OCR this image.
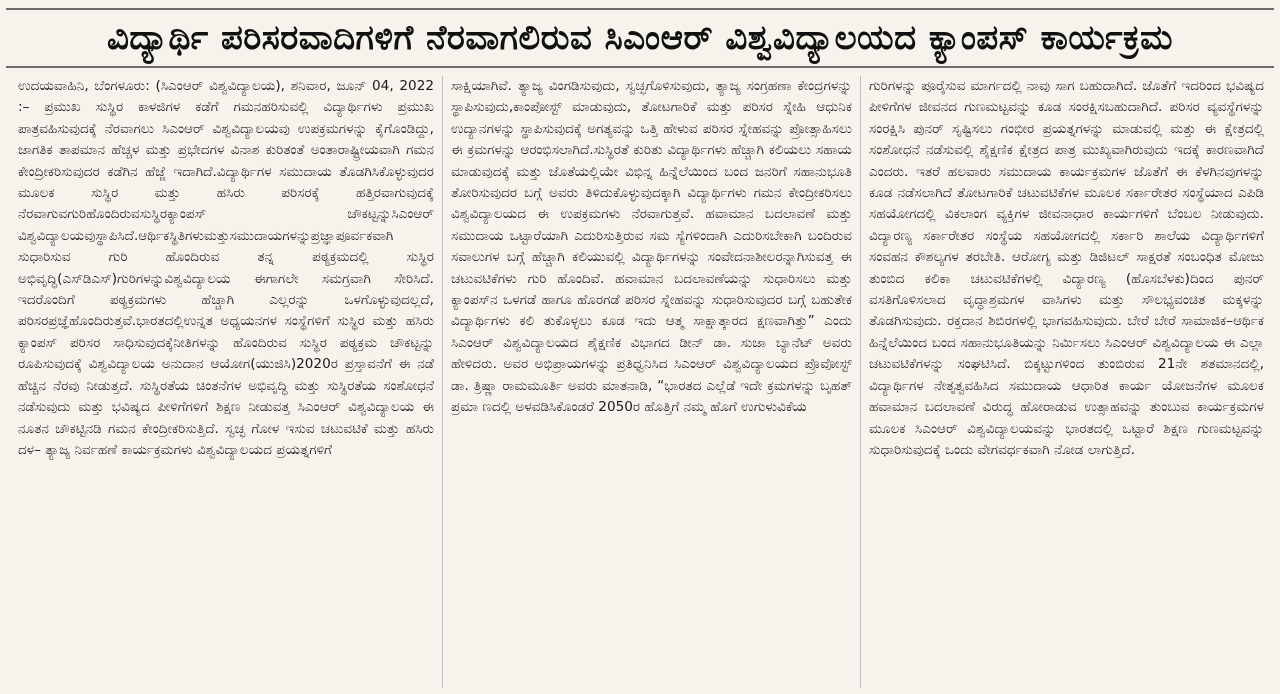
ವಿದ್ಯಾರ್ಥಿ ಪರಿಸರವಾದಿಗಳಿಗೆ ನೆರವಾಗಲಿರುವ ಸಿಎಂಆರ್ ವಿಶ್ವವಿದ್ಯಾಲಯದ ಕ್ಯಾಂಪಸ್ ಕಾರ್ಯಕ್ರಮ

ಉದಯವಾಹಿನಿ, ಬೆಂಗಳೂರು: (ಸಿಎಂಆರ್ ವಿಶ್ವವಿದ್ಯಾಲಯ), ಶನಿವಾರ, ಜೂನ್ 04, 2022 :– ಪ್ರಮುಖ ಸುಸ್ಥಿರ ಕಾಳಜಿಗಳ ಕಡೆಗೆ ಗಮನಹರಿಸುವಲ್ಲಿ ವಿದ್ಯಾರ್ಥಿಗಳು ಪ್ರಮುಖ ಪಾತ್ರವಹಿಸುವುದಕ್ಕೆ ನೆರವಾಗಲು ಸಿಎಂಆರ್ ವಿಶ್ವವಿದ್ಯಾಲಯವು ಉಪಕ್ರಮಗಳನ್ನು ಕೈಗೊಂಡಿದ್ದು, ಜಾಗತಿಕ ತಾಪಮಾನ ಹೆಚ್ಚಳ ಮತ್ತು ಪ್ರಭೇದಗಳ ವಿನಾಶ ಕುರಿತಂತೆ ಅಂತಾರಾಷ್ಟ್ರೀಯವಾಗಿ ಗಮನ ಕೇಂದ್ರೀಕರಿಸುವುದರ ಕಡೆಗಿನ ಹೆಜ್ಜೆ ಇದಾಗಿದೆ.ವಿದ್ಯಾರ್ಥಿಗಳ ಸಮುದಾಯ ತೊಡಗಿಸಿಕೊಳ್ಳುವುದರ ಮೂಲಕ ಸುಸ್ಥಿರ ಮತ್ತು ಹಸಿರು ಪರಿಸರಕ್ಕೆ ಹತ್ತಿರವಾಗುವುದಕ್ಕೆ ನೆರವಾಗುವಗುರಿಹೊಂದಿರುವಸುಸ್ಥಿರಕ್ಯಾಂಪಸ್ ಚೌಕಟ್ಟನ್ನುಸಿಎಂಆರ್ ವಿಶ್ವವಿದ್ಯಾಲಯವುಸ್ಥಾಪಿಸಿದೆ.ಆರ್ಥಿಕಸ್ಥಿತಿಗಳುಮತ್ತುಸಮುದಾಯಗಳನ್ನುಪ್ರಜ್ಞಾಪೂರ್ವಕವಾಗಿ ಸುಧಾರಿಸುವ ಗುರಿ ಹೊಂದಿರುವ ತನ್ನ ಪಠ್ಯಕ್ರಮದಲ್ಲಿ ಸುಸ್ಥಿರ ಅಭಿವೃದ್ಧಿ(ಎಸ್‌ಡಿಎಸ್)ಗುರಿಗಳನ್ನುವಿಶ್ವವಿದ್ಯಾಲಯ ಈಗಾಗಲೇ ಸಮಗ್ರವಾಗಿ ಸೇರಿಸಿದೆ. ಇದರೊಂದಿಗೆ ಪಠ್ಯಕ್ರಮಗಳು ಹೆಚ್ಚಾಗಿ ಎಲ್ಲರನ್ನು ಒಳಗೊಳ್ಳುವುದಲ್ಲದೆ, ಪರಿಸರಪ್ರಜ್ಞೆಹೊಂದಿರುತ್ತವೆ.ಭಾರತದಲ್ಲಿಉನ್ನತ ಅಧ್ಯಯನಗಳ ಸಂಸ್ಥೆಗಳಿಗೆ ಸುಸ್ಥಿರ ಮತ್ತು ಹಸಿರು ಕ್ಯಾಂಪಸ್ ಪರಿಸರ ಸಾಧಿಸುವುದಕ್ಕೆನೀತಿಗಳನ್ನು ಹೊಂದಿರುವ ಸುಸ್ಥಿರ ಪಠ್ಯಕ್ರಮ ಚೌಕಟ್ಟನ್ನು ರೂಪಿಸುವುದಕ್ಕೆ ವಿಶ್ವವಿದ್ಯಾಲಯ ಅನುದಾನ ಆಯೋಗ(ಯುಜಿಸಿ)2020ರ ಪ್ರಸ್ತಾವನೆಗೆ ಈ ನಡೆ ಹೆಚ್ಚಿನ ನೆರವು ನೀಡುತ್ತದೆ. ಸುಸ್ಥಿರತೆಯ ಚಿಂತನೆಗಳ ಅಭಿವೃದ್ಧಿ ಮತ್ತು ಸುಸ್ಥಿರತೆಯ ಸಂಶೋಧನೆ ನಡೆಸುವುದು ಮತ್ತು ಭವಿಷ್ಯದ ಪೀಳಿಗೆಗಳಿಗೆ ಶಿಕ್ಷಣ ನೀಡುವತ್ತ ಸಿಎಂಆರ್ ವಿಶ್ವವಿದ್ಯಾಲಯ ಈ ನೂತನ ಚೌಕಟ್ಟಿನಡಿ ಗಮನ ಕೇಂದ್ರೀಕರಿಸುತ್ತಿದೆ. ಸ್ವಚ್ಛ ಗೋಳ ಇಸುವ ಚಟುವಟಿಕೆ ಮತ್ತು ಹಸಿರು ದಳ– ತ್ಯಾಜ್ಯ ನಿರ್ವಹಣೆ ಕಾರ್ಯಕ್ರಮಗಳು ವಿಶ್ವವಿದ್ಯಾಲಯದ ಪ್ರಯತ್ನಗಳಿಗೆ

ಸಾಕ್ಷಿಯಾಗಿವೆ. ತ್ಯಾಜ್ಯ ವಿಂಗಡಿಸುವುದು, ಸ್ವಚ್ಛಗೊಳಿಸುವುದು, ತ್ಯಾಜ್ಯ ಸಂಗ್ರಹಣಾ ಕೇಂದ್ರಗಳನ್ನು ಸ್ಥಾಪಿಸುವುದು,ಕಾಂಪೋಸ್ಟ್ ಮಾಡುವುದು, ತೋಟಗಾರಿಕೆ ಮತ್ತು ಪರಿಸರ ಸ್ನೇಹಿ ಆಧುನಿಕ ಉದ್ಯಾನಗಳನ್ನು ಸ್ಥಾಪಿಸುವುದಕ್ಕೆ ಅಗತ್ಯವನ್ನು ಒತ್ತಿ ಹೇಳುವ ಪರಿಸರ ಸ್ನೇಹವನ್ನು ಪ್ರೋತ್ಸಾಹಿಸಲು ಈ ಕ್ರಮಗಳನ್ನು ಆರಂಭಿಸಲಾಗಿದೆ.ಸುಸ್ಥಿರತೆ ಕುರಿತು ವಿದ್ಯಾರ್ಥಿಗಳು ಹೆಚ್ಚಾಗಿ ಕಲಿಯಲು ಸಹಾಯ ಮಾಡುವುದಕ್ಕೆ ಮತ್ತು ಜೊತೆಯಲ್ಲಿಯೇ ವಿಭಿನ್ನ ಹಿನ್ನೆಲೆಯಿಂದ ಬಂದ ಜನರಿಗೆ ಸಹಾನುಭೂತಿ ತೋರಿಸುವುದರ ಬಗ್ಗೆ ಅವರು ತಿಳಿದುಕೊಳ್ಳುವುದಕ್ಕಾಗಿ ವಿದ್ಯಾರ್ಥಿಗಳು ಗಮನ ಕೇಂದ್ರೀಕರಿಸಲು ವಿಶ್ವವಿದ್ಯಾಲಯದ ಈ ಉಪಕ್ರಮಗಳು ನೆರವಾಗುತ್ತವೆ. ಹವಾಮಾನ ಬದಲಾವಣೆ ಮತ್ತು ಸಮುದಾಯ ಒಟ್ಟಾರೆಯಾಗಿ ಎದುರಿಸುತ್ತಿರುವ ಸಮ ಸ್ಯೆಗಳಿಂದಾಗಿ ಎದುರಿಸಬೇಕಾಗಿ ಬಂದಿರುವ ಸವಾಲುಗಳ ಬಗ್ಗೆ ಹೆಚ್ಚಾಗಿ ಕಲಿಯುವಲ್ಲಿ ವಿದ್ಯಾರ್ಥಿಗಳನ್ನು ಸಂವೇದನಾಶೀಲರನ್ನಾಗಿಸುವತ್ತ ಈ ಚಟುವಟಿಕೆಗಳು ಗುರಿ ಹೊಂದಿವೆ. ಹವಾಮಾನ ಬದಲಾವಣೆಯನ್ನು ಸುಧಾರಿಸಲು ಮತ್ತು ಕ್ಯಾಂಪಸ್‌ನ ಒಳಗಡೆ ಹಾಗೂ ಹೊರಗಡೆ ಪರಿಸರ ಸ್ನೇಹವನ್ನು ಸುಧಾರಿಸುವುದರ ಬಗ್ಗೆ ಬಹುತೇಕ ವಿದ್ಯಾರ್ಥಿಗಳು ಕಲಿ ತುಕೊಳ್ಳಲು ಕೂಡ ಇದು ಆತ್ಮ ಸಾಕ್ಷಾತ್ಕಾರದ ಕ್ಷಣವಾಗಿತ್ತು” ಎಂದು ಸಿಎಂಆರ್ ವಿಶ್ವವಿದ್ಯಾಲಯದ ಶೈಕ್ಷಣಿಕ ವಿಭಾಗದ ಡೀನ್ ಡಾ. ಸುಜಾ ಬ್ಯಾನೆಟ್ ಅವರು ಹೇಳಿದರು. ಅವರ ಅಭಿಪ್ರಾಯಗಳನ್ನು ಪ್ರತಿಧ್ವನಿಸಿದ ಸಿಎಂಆರ್ ವಿಶ್ವವಿದ್ಯಾಲಯದ ಪ್ರೊವೋಸ್ಟ್ ಡಾ. ತ್ರಿಷ್ಣಾ ರಾಮಮೂರ್ತಿ ಅವರು ಮಾತನಾಡಿ, “ಭಾರತದ ಎಲ್ಲೆಡೆ ಇದೇ ಕ್ರಮಗಳನ್ನು ಬೃಹತ್ ಪ್ರಮಾ ಣದಲ್ಲಿ ಅಳವಡಿಸಿಕೊಂಡರೆ 2050ರ ಹೊತ್ತಿಗೆ ನಮ್ಮ ಹೊಗೆ ಉಗುಳುವಿಕೆಯ

ಗುರಿಗಳನ್ನು ಪೂರೈಸುವ ಮಾರ್ಗದಲ್ಲಿ ನಾವು ಸಾಗ ಬಹುದಾಗಿದೆ. ಜೊತೆಗೆ ಇದರಿಂದ ಭವಿಷ್ಯದ ಪೀಳಿಗೆಗಳ ಜೀವನದ ಗುಣಮಟ್ಟವನ್ನು ಕೂಡ ಸಂರಕ್ಷಿಸಬಹುದಾಗಿದೆ. ಪರಿಸರ ವ್ಯವಸ್ಥೆಗಳನ್ನು ಸಂರಕ್ಷಿಸಿ ಪುನರ್ ಸೃಷ್ಟಿಸಲು ಗಂಭೀರ ಪ್ರಯತ್ನಗಳನ್ನು ಮಾಡುವಲ್ಲಿ ಮತ್ತು ಈ ಕ್ಷೇತ್ರದಲ್ಲಿ ಸಂಶೋಧನೆ ನಡೆಸುವಲ್ಲಿ ಶೈಕ್ಷಣಿಕ ಕ್ಷೇತ್ರದ ಪಾತ್ರ ಮುಖ್ಯವಾಗಿರುವುದು ಇದಕ್ಕೆ ಕಾರಣವಾಗಿದೆ ಎಂದರು. ಇತರೆ ಹಲವಾರು ಸಮುದಾಯ ಕಾರ್ಯಕ್ರಮಗಳ ಜೊತೆಗೆ ಈ ಕೆಳಗಿನವುಗಳನ್ನು ಕೂಡ ನಡೆಸಲಾಗಿದೆ ತೋಟಗಾರಿಕೆ ಚಟುವಟಿಕೆಗಳ ಮೂಲಕ ಸರ್ಕಾರೇತರ ಸಂಸ್ಥೆಯಾದ ಎಪಿಡಿ ಸಹಯೋಗದಲ್ಲಿ ವಿಕಲಾಂಗ ವ್ಯಕ್ತಿಗಳ ಜೀವನಾಧಾರ ಕಾರ್ಯಗಳಿಗೆ ಬೆಂಬಲ ನೀಡುವುದು. ವಿದ್ಯಾರಣ್ಯ ಸರ್ಕಾರೇತರ ಸಂಸ್ಥೆಯ ಸಹಯೋಗದಲ್ಲಿ ಸರ್ಕಾರಿ ಶಾಲೆಯ ವಿದ್ಯಾರ್ಥಿಗಳಿಗೆ ಸಂವಹನ ಕೌಶಲ್ಯಗಳ ತರಬೇತಿ. ಆರೋಗ್ಯ ಮತ್ತು ಡಿಜಿಟಲ್ ಸಾಕ್ಷರತೆ ಸಂಬಂಧಿತ ಮೋಜು ತುಂಬಿದ ಕಲಿಕಾ ಚಟುವಟಿಕೆಗಳಲ್ಲಿ ವಿದ್ಯಾರಣ್ಯ (ಹೊಸಬೆಳಕು)ದಿಂದ ಪುನರ್ ವಸತಿಗೊಳಿಸಲಾದ ವೃದ್ಧಾಶ್ರಮಗಳ ವಾಸಿಗಳು ಮತ್ತು ಸೌಲಭ್ಯವಂಚಿತ ಮಕ್ಕಳನ್ನು ತೊಡಗಿಸುವುದು. ರಕ್ತದಾನ ಶಿಬಿರಗಳಲ್ಲಿ ಭಾಗವಹಿಸುವುದು. ಬೇರೆ ಬೇರೆ ಸಾಮಾಜಿಕ–ಆರ್ಥಿಕ ಹಿನ್ನೆಲೆಯಿಂದ ಬಂದ ಸಹಾನುಭೂತಿಯನ್ನು ನಿರ್ಮಿಸಲು ಸಿಎಂಆರ್ ವಿಶ್ವವಿದ್ಯಾಲಯ ಈ ಎಲ್ಲಾ ಚಟುವಟಿಕೆಗಳನ್ನು ಸಂಘಟಿಸಿದೆ. ಬಿಕ್ಕಟ್ಟುಗಳಿಂದ ತುಂಬಿರುವ 21ನೇ ಶತಮಾನದಲ್ಲಿ, ವಿದ್ಯಾರ್ಥಿಗಳ ನೇತೃತ್ವವಹಿಸಿದ ಸಮುದಾಯ ಆಧಾರಿತ ಕಾರ್ಯ ಯೋಜನೆಗಳ ಮೂಲಕ ಹವಾಮಾನ ಬದಲಾವಣೆ ವಿರುದ್ಧ ಹೋರಾಡುವ ಉತ್ಸಾಹವನ್ನು ತುಂಬುವ ಕಾರ್ಯಕ್ರಮಗಳ ಮೂಲಕ ಸಿಎಂಆರ್ ವಿಶ್ವವಿದ್ಯಾಲಯವನ್ನು ಭಾರತದಲ್ಲಿ ಒಟ್ಟಾರೆ ಶಿಕ್ಷಣ ಗುಣಮಟ್ಟವನ್ನು ಸುಧಾರಿಸುವುದಕ್ಕೆ ಒಂದು ವೇಗವರ್ಧಕವಾಗಿ ನೋಡ ಲಾಗುತ್ತಿದೆ.
